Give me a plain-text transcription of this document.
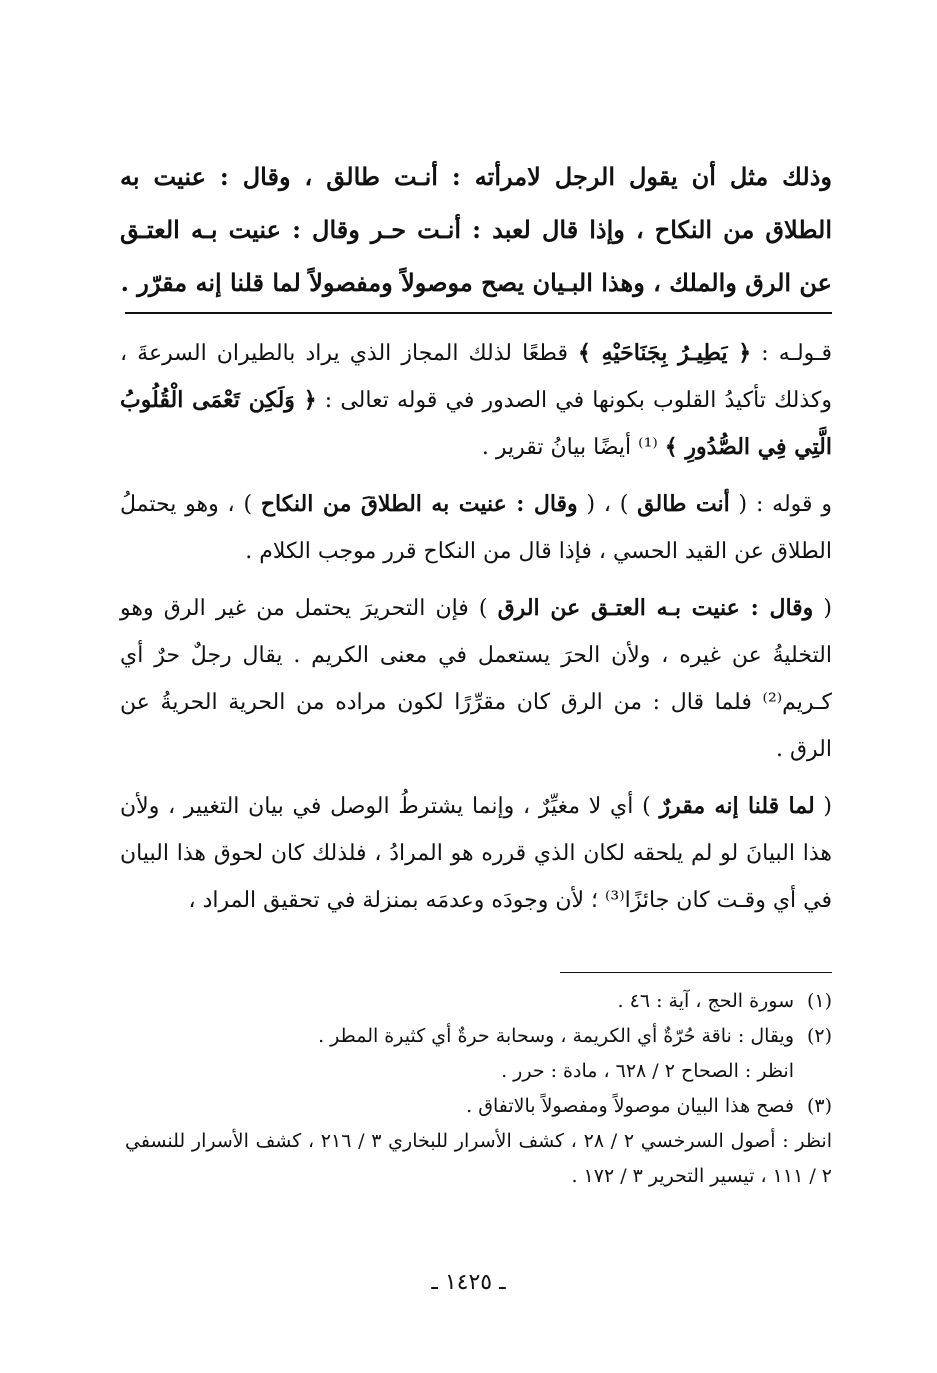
وذلك مثل أن يقول الرجل لامرأته : أنـت طالق ، وقال : عنيت به الطلاق من النكاح ، وإذا قال لعبد : أنـت حـر وقال : عنيت بـه العتـق عن الرق والملك ، وهذا البـيان يصح موصولاً ومفصولاً لما قلنا إنه مقرّر .

قـولـه : ﴿ يَطِيـرُ بِجَنَاحَيْهِ ﴾ قطعًا لذلك المجاز الذي يراد بالطيران السرعةَ ، وكذلك تأكيدُ القلوب بكونها في الصدور في قوله تعالى : ﴿ وَلَكِن تَعْمَى الْقُلُوبُ الَّتِي فِي الصُّدُورِ ﴾ ⁽¹⁾ أيضًا بيانُ تقرير .

و قوله : ( أنت طالق ) ، ( وقال : عنيت به الطلاقَ من النكاح ) ، وهو يحتملُ الطلاق عن القيد الحسي ، فإذا قال من النكاح قرر موجب الكلام .

( وقال : عنيت بـه العتـق عن الرق ) فإن التحريرَ يحتمل من غير الرق وهو التخليةُ عن غيره ، ولأن الحرَ يستعمل في معنى الكريم . يقال رجلٌ حرٌ أي كـريم⁽²⁾ فلما قال : من الرق كان مقرِّرًا لكون مراده من الحرية الحريةُ عن الرق .

( لما قلنا إنه مقررٌ ) أي لا مغيِّرٌ ، وإنما يشترطُ الوصل في بيان التغيير ، ولأن هذا البيانَ لو لم يلحقه لكان الذي قرره هو المرادُ ، فلذلك كان لحوق هذا البيان في أي وقـت كان جائزًا⁽³⁾ ؛ لأن وجودَه وعدمَه بمنزلة في تحقيق المراد ،

(١)سورة الحج ، آية : ٤٦ .

(٢)ويقال : ناقة حُرّةٌ أي الكريمة ، وسحابة حرةٌ أي كثيرة المطر .

انظر : الصحاح ٢ / ٦٢٨ ، مادة : حرر .

(٣)فصح هذا البيان موصولاً ومفصولاً بالاتفاق .

انظر : أصول السرخسي ٢ / ٢٨ ، كشف الأسرار للبخاري ٣ / ٢١٦ ، كشف الأسرار للنسفي ٢ / ١١١ ، تيسير التحرير ٣ / ١٧٢ .

ـ ١٤٢٥ ـ
